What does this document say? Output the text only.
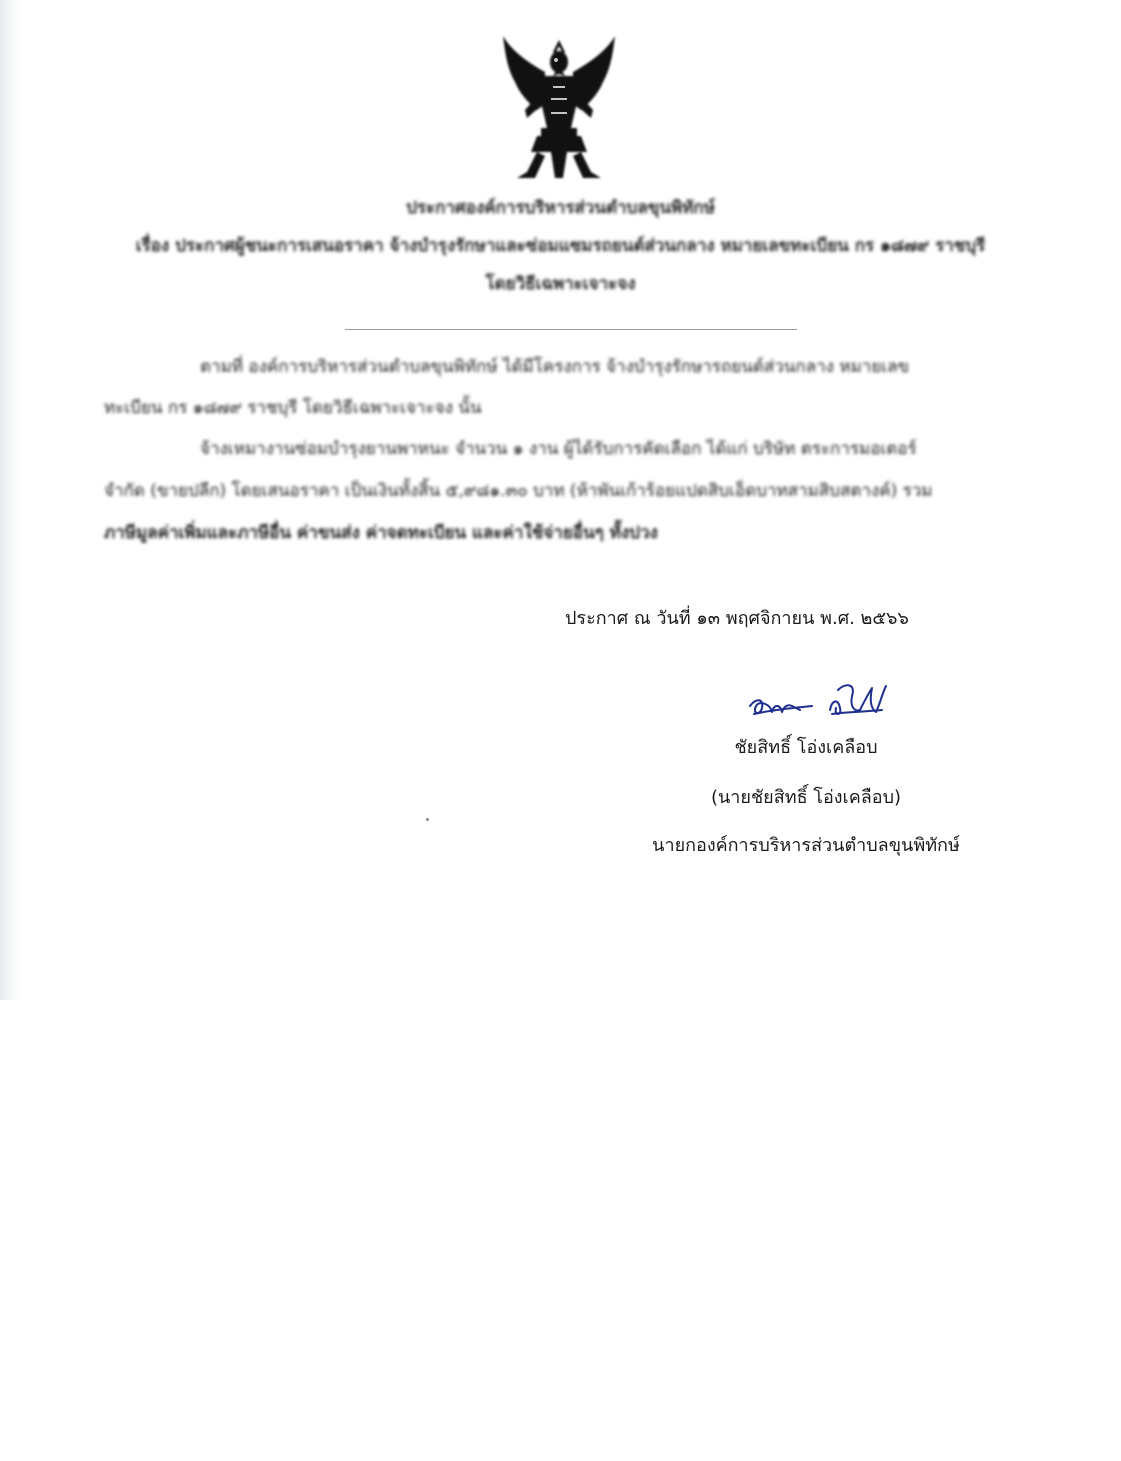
ประกาศองค์การบริหารส่วนตำบลขุนพิทักษ์
เรื่อง ประกาศผู้ชนะการเสนอราคา จ้างบำรุงรักษาและซ่อมแซมรถยนต์ส่วนกลาง หมายเลขทะเบียน กร ๑๘๗๙ ราชบุรี
โดยวิธีเฉพาะเจาะจง
ตามที่ องค์การบริหารส่วนตำบลขุนพิทักษ์ ได้มีโครงการ จ้างบำรุงรักษารถยนต์ส่วนกลาง หมายเลข
ทะเบียน กร ๑๘๗๙ ราชบุรี โดยวิธีเฉพาะเจาะจง นั้น
จ้างเหมางานซ่อมบำรุงยานพาหนะ จำนวน ๑ งาน ผู้ได้รับการคัดเลือก ได้แก่ บริษัท ตระการมอเตอร์
จำกัด (ขายปลีก) โดยเสนอราคา เป็นเงินทั้งสิ้น ๕,๙๘๑.๓๐ บาท (ห้าพันเก้าร้อยแปดสิบเอ็ดบาทสามสิบสตางค์) รวม
ภาษีมูลค่าเพิ่มและภาษีอื่น ค่าขนส่ง ค่าจดทะเบียน และค่าใช้จ่ายอื่นๆ ทั้งปวง
ประกาศ ณ วันที่ ๑๓ พฤศจิกายน พ.ศ. ๒๕๖๖
ชัยสิทธิ์ โอ่งเคลือบ
(นายชัยสิทธิ์ โอ่งเคลือบ)
นายกองค์การบริหารส่วนตำบลขุนพิทักษ์
